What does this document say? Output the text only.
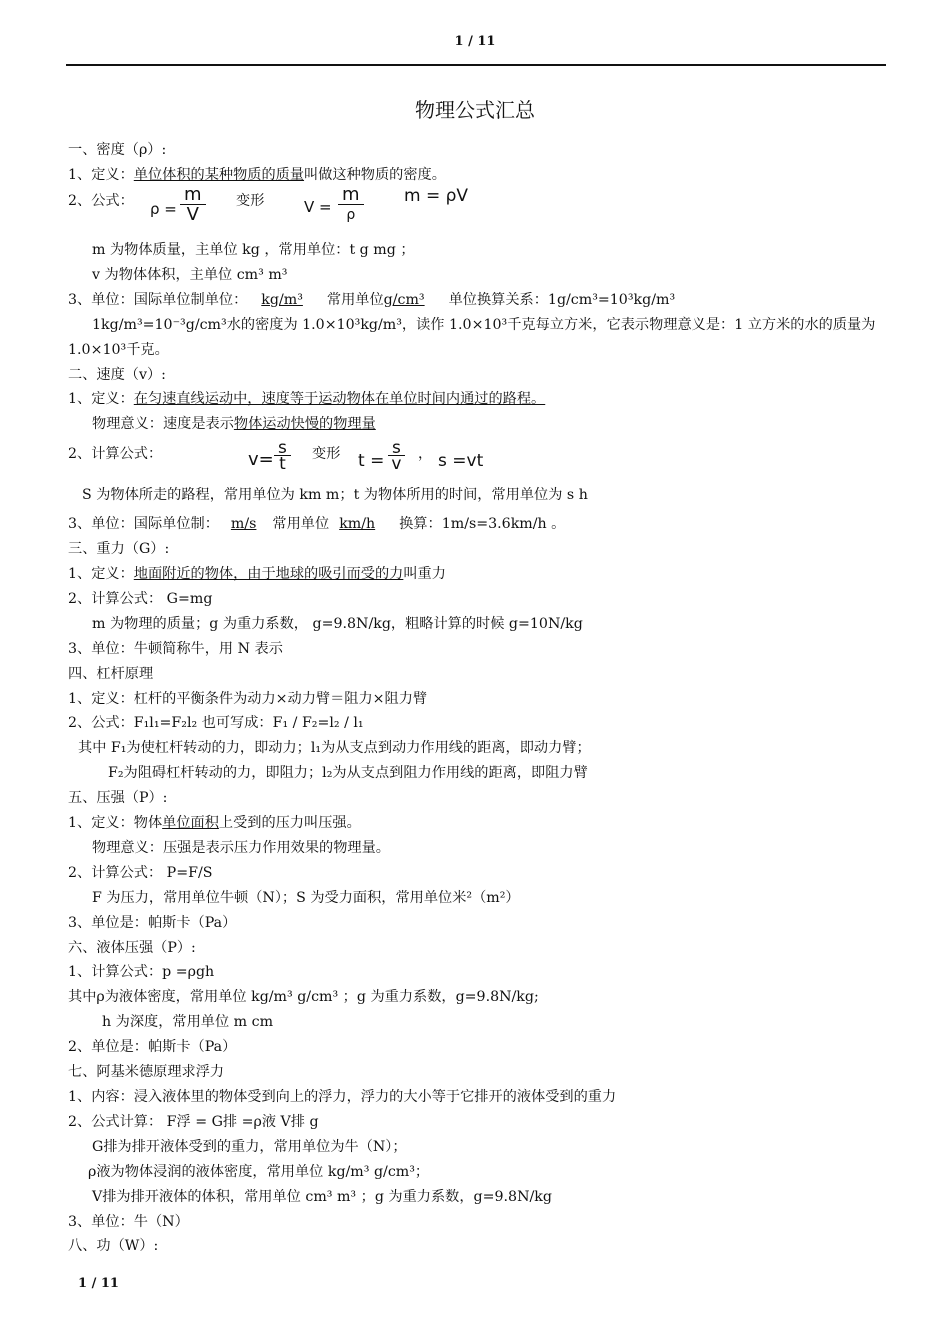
1 / 11
物理公式汇总
一、密度（ρ）:
1、定义：单位体积的某种物质的质量叫做这种物质的密度。
2、公式： $\rho = \frac{m}{V}$ 变形	V =
m
ρ
m = ρV
m 为物体质量，主单位 kg ，常用单位：t g mg ；
v 为物体体积，主单位 cm³ m³
3、单位：国际单位制单位： kg/m³ 常用单位g/cm³ 单位换算关系：1g/cm³=10³kg/m³
1kg/m³=10⁻³g/cm³水的密度为 1.0×10³kg/m³，读作 1.0×10³千克每立方米，它表示物理意义是：1 立方米的水的质量为 1.0×10³千克。
二、速度（v）:
1、定义：在匀速直线运动中，速度等于运动物体在单位时间内通过的路程。
物理意义：速度是表示物体运动快慢的物理量
2、计算公式：	$v= \frac{s}{t}$ 变形 $t = \frac{s}{v}$ ， s =vt
S 为物体所走的路程，常用单位为 km m；t 为物体所用的时间，常用单位为 s h
3、单位：国际单位制： m/s 常用单位 km/h 换算：1m/s=3.6km/h 。
三、重力（G）:
1、定义：地面附近的物体，由于地球的吸引而受的力叫重力
2、计算公式： G=mg
m 为物理的质量；g 为重力系数， g=9.8N/kg，粗略计算的时候 g=10N/kg
3、单位：牛顿简称牛，用 N 表示
四、杠杆原理
1、定义：杠杆的平衡条件为动力×动力臂＝阻力×阻力臂
2、公式：F₁l₁=F₂l₂ 也可写成：F₁ / F₂=l₂ / l₁
其中 F₁为使杠杆转动的力，即动力；l₁为从支点到动力作用线的距离，即动力臂；
F₂为阻碍杠杆转动的力，即阻力；l₂为从支点到阻力作用线的距离，即阻力臂
五、压强（P）:
1、定义：物体单位面积上受到的压力叫压强。
物理意义：压强是表示压力作用效果的物理量。
2、计算公式： P=F/S
F 为压力，常用单位牛顿（N）；S 为受力面积，常用单位米²（m²）
3、单位是：帕斯卡（Pa）
六、液体压强（P）:
1、计算公式：p =ρgh
其中ρ为液体密度，常用单位 kg/m³ g/cm³ ；g 为重力系数，g=9.8N/kg;
h 为深度，常用单位 m cm
2、单位是：帕斯卡（Pa）
七、阿基米德原理求浮力
1、内容：浸入液体里的物体受到向上的浮力，浮力的大小等于它排开的液体受到的重力
2、公式计算： F浮 = G排 =ρ液 V排 g
G排为排开液体受到的重力，常用单位为牛（N）；
ρ液为物体浸润的液体密度，常用单位 kg/m³ g/cm³；
V排为排开液体的体积，常用单位 cm³ m³ ；g 为重力系数，g=9.8N/kg
3、单位：牛（N）
八、功（W）:
1 / 11
